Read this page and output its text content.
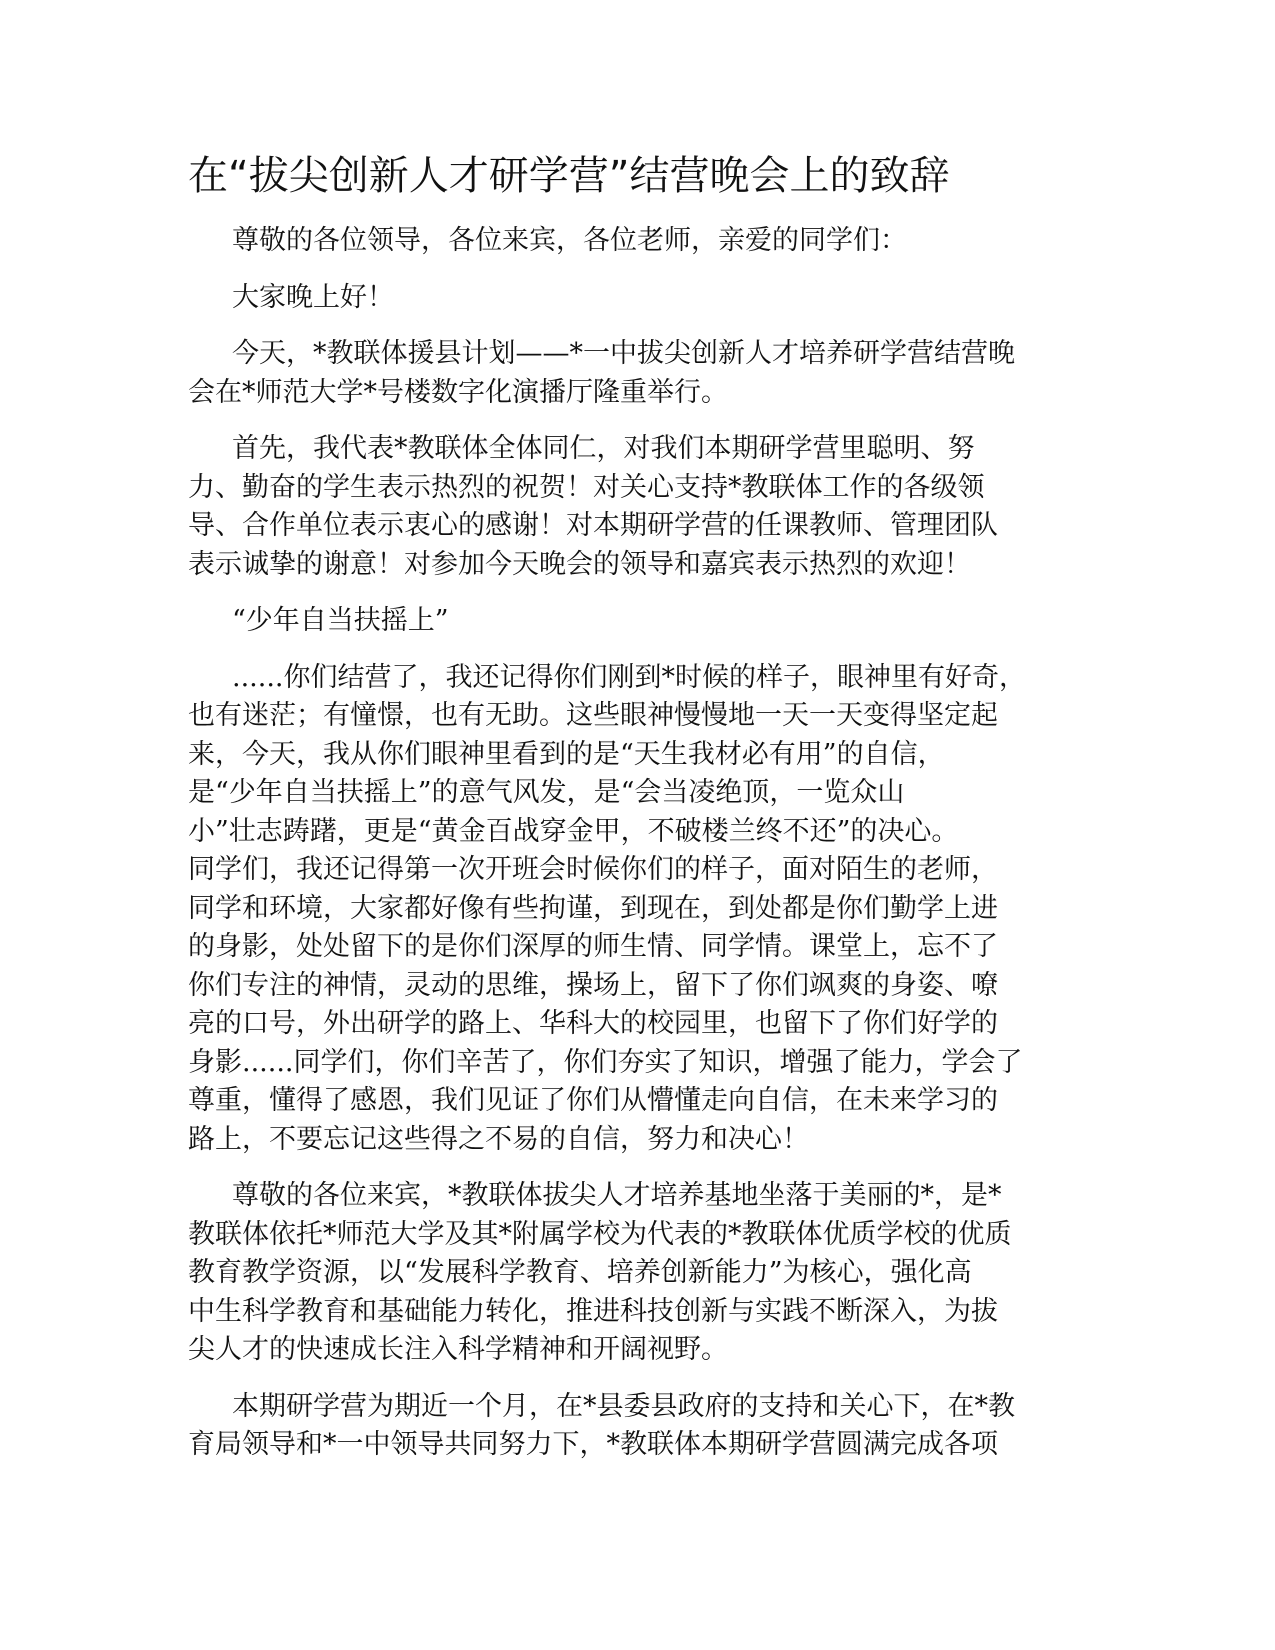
在“拔尖创新人才研学营”结营晚会上的致辞

尊敬的各位领导，各位来宾，各位老师，亲爱的同学们：

大家晚上好！

今天，*教联体援县计划——*一中拔尖创新人才培养研学营结营晚
会在*师范大学*号楼数字化演播厅隆重举行。

首先，我代表*教联体全体同仁，对我们本期研学营里聪明、努
力、勤奋的学生表示热烈的祝贺！对关心支持*教联体工作的各级领
导、合作单位表示衷心的感谢！对本期研学营的任课教师、管理团队
表示诚挚的谢意！对参加今天晚会的领导和嘉宾表示热烈的欢迎！

“少年自当扶摇上”

......你们结营了，我还记得你们刚到*时候的样子，眼神里有好奇，
也有迷茫；有憧憬，也有无助。这些眼神慢慢地一天一天变得坚定起
来，今天，我从你们眼神里看到的是“天生我材必有用”的自信，
是“少年自当扶摇上”的意气风发，是“会当凌绝顶，一览众山
小”壮志踌躇，更是“黄金百战穿金甲，不破楼兰终不还”的决心。
同学们，我还记得第一次开班会时候你们的样子，面对陌生的老师，
同学和环境，大家都好像有些拘谨，到现在，到处都是你们勤学上进
的身影，处处留下的是你们深厚的师生情、同学情。课堂上，忘不了
你们专注的神情，灵动的思维，操场上，留下了你们飒爽的身姿、嘹
亮的口号，外出研学的路上、华科大的校园里，也留下了你们好学的
身影......同学们，你们辛苦了，你们夯实了知识，增强了能力，学会了
尊重，懂得了感恩，我们见证了你们从懵懂走向自信，在未来学习的
路上，不要忘记这些得之不易的自信，努力和决心！

尊敬的各位来宾，*教联体拔尖人才培养基地坐落于美丽的*，是*
教联体依托*师范大学及其*附属学校为代表的*教联体优质学校的优质
教育教学资源，以“发展科学教育、培养创新能力”为核心，强化高
中生科学教育和基础能力转化，推进科技创新与实践不断深入，为拔
尖人才的快速成长注入科学精神和开阔视野。

本期研学营为期近一个月，在*县委县政府的支持和关心下，在*教
育局领导和*一中领导共同努力下，*教联体本期研学营圆满完成各项
